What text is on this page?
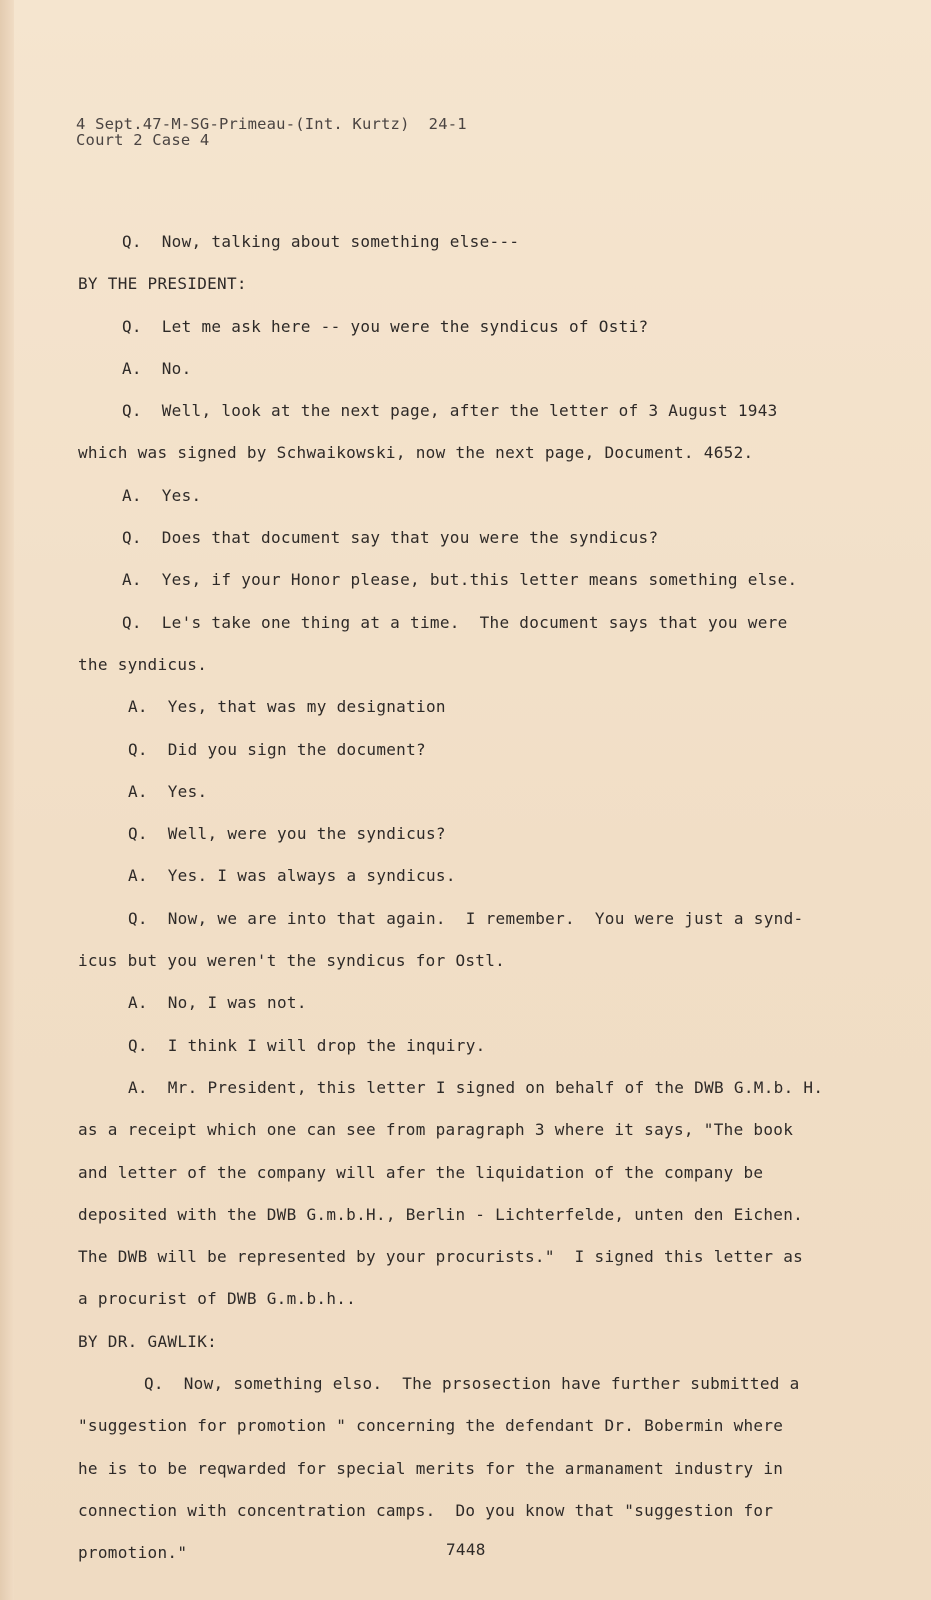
4 Sept.47-M-SG-Primeau-(Int. Kurtz)  24-1
Court 2 Case 4
Q.  Now, talking about something else---
BY THE PRESIDENT:
Q.  Let me ask here -- you were the syndicus of Osti?
A.  No.
Q.  Well, look at the next page, after the letter of 3 August 1943
which was signed by Schwaikowski, now the next page, Document. 4652.
A.  Yes.
Q.  Does that document say that you were the syndicus?
A.  Yes, if your Honor please, but.this letter means something else.
Q.  Le's take one thing at a time.  The document says that you were
the syndicus.
A.  Yes, that was my designation
Q.  Did you sign the document?
A.  Yes.
Q.  Well, were you the syndicus?
A.  Yes. I was always a syndicus.
Q.  Now, we are into that again.  I remember.  You were just a synd-
icus but you weren't the syndicus for Ostl.
A.  No, I was not.
Q.  I think I will drop the inquiry.
A.  Mr. President, this letter I signed on behalf of the DWB G.M.b. H.
as a receipt which one can see from paragraph 3 where it says, "The book
and letter of the company will afer the liquidation of the company be
deposited with the DWB G.m.b.H., Berlin - Lichterfelde, unten den Eichen.
The DWB will be represented by your procurists."  I signed this letter as
a procurist of DWB G.m.b.h..
BY DR. GAWLIK:
Q.  Now, something elso.  The prsosection have further submitted a
"suggestion for promotion " concerning the defendant Dr. Bobermin where
he is to be reqwarded for special merits for the armanament industry in
connection with concentration camps.  Do you know that "suggestion for
promotion."	7448
